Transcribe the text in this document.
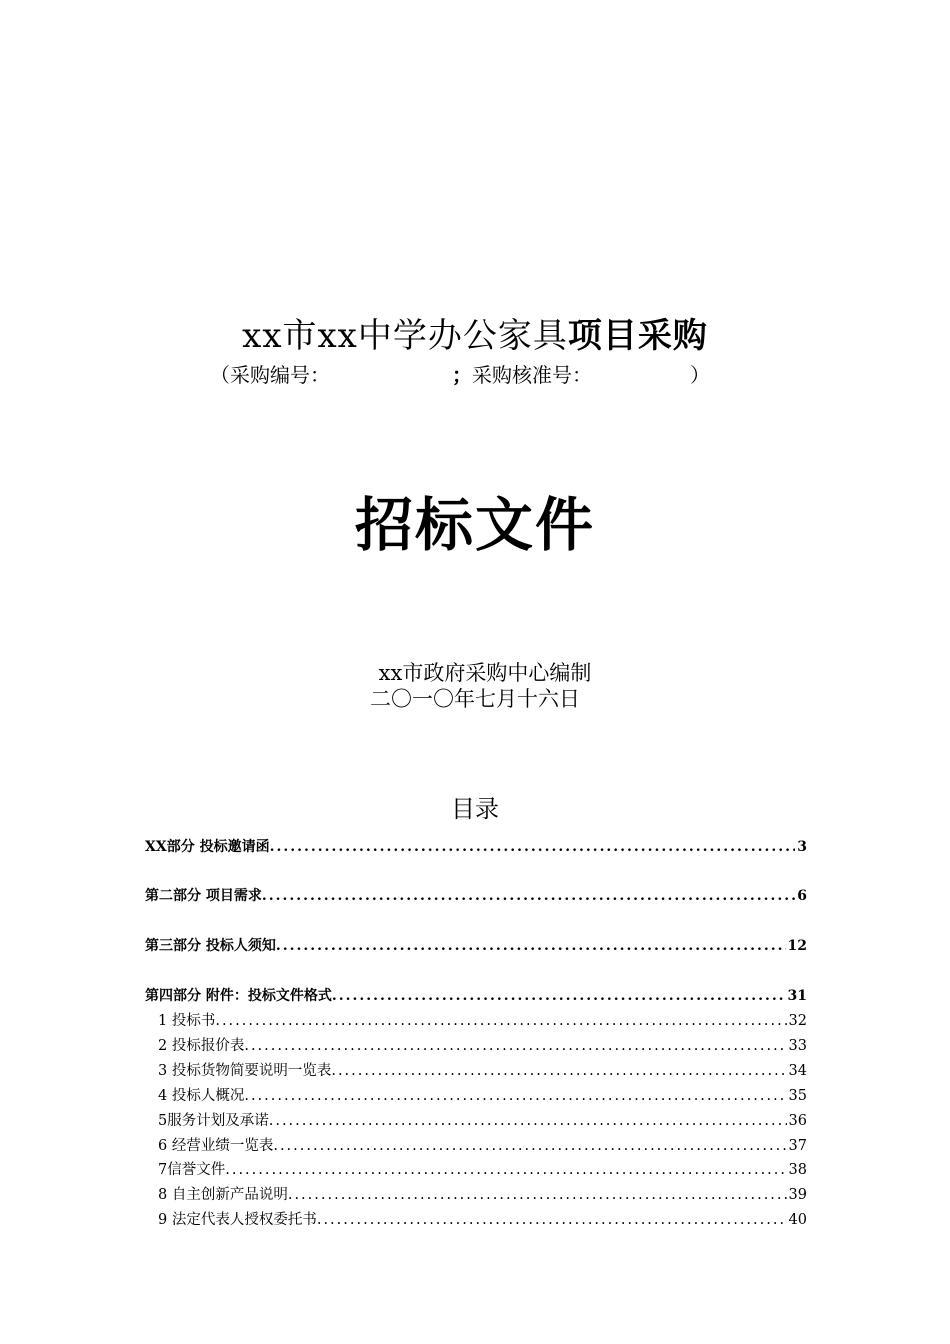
xx市xx中学办公家具项目采购
（采购编号：	；采购核准号：	）
招标文件
xx市政府采购中心编制
二〇一〇年七月十六日
目录
XX部分 投标邀请函 .....	3
第二部分 项目需求 .....	6
第三部分 投标人须知 .....	12
第四部分 附件：投标文件格式 .....	31
1 投标书 .....	32
2 投标报价表 .....	33
3 投标货物简要说明一览表 .....	34
4 投标人概况 .....	35
5服务计划及承诺 .....	36
6 经营业绩一览表 .....	37
7信誉文件 .....	38
8 自主创新产品说明 .....	39
9 法定代表人授权委托书 .....	40
